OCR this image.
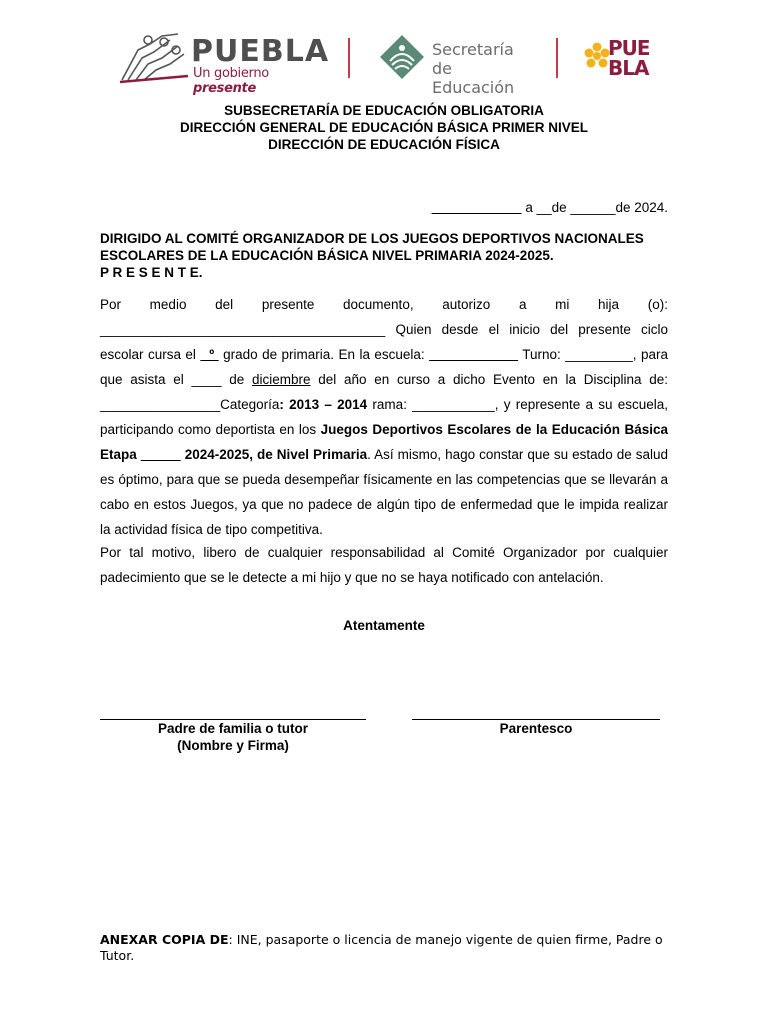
PUEBLA
Un gobierno presente
Secretaría
de Educación
PUE
BLA
SUBSECRETARÍA DE EDUCACIÓN OBLIGATORIA
DIRECCIÓN GENERAL DE EDUCACIÓN BÁSICA PRIMER NIVEL
DIRECCIÓN DE EDUCACIÓN FÍSICA
a __de ______de 2024.
DIRIGIDO AL COMITÉ ORGANIZADOR DE LOS JUEGOS DEPORTIVOS NACIONALES
ESCOLARES DE LA EDUCACIÓN BÁSICA NIVEL PRIMARIA 2024-2025.
P R E S E N T E.
Por medio del presente documento, autorizo a mi hija (o): ______________________________________ Quien desde el inicio del presente ciclo escolar cursa el   º  grado de primaria. En la escuela:	Turno: _________, para que asista el ____ de diciembre del año en curso a dicho Evento en la Disciplina de: ________________Categoría: 2013 – 2014 rama: ___________, y represente a su escuela, participando como deportista en los Juegos Deportivos Escolares de la Educación Básica Etapa	2024-2025, de Nivel Primaria. Así mismo, hago constar que su estado de salud es óptimo, para que se pueda desempeñar físicamente en las competencias que se llevarán a cabo en estos Juegos, ya que no padece de algún tipo de enfermedad que le impida realizar la actividad física de tipo competitiva.
Por tal motivo, libero de cualquier responsabilidad al Comité Organizador por cualquier padecimiento que se le detecte a mi hijo y que no se haya notificado con antelación.
Atentamente
Padre de familia o tutor
(Nombre y Firma)
Parentesco
ANEXAR COPIA DE: INE, pasaporte o licencia de manejo vigente de quien firme, Padre o Tutor.
